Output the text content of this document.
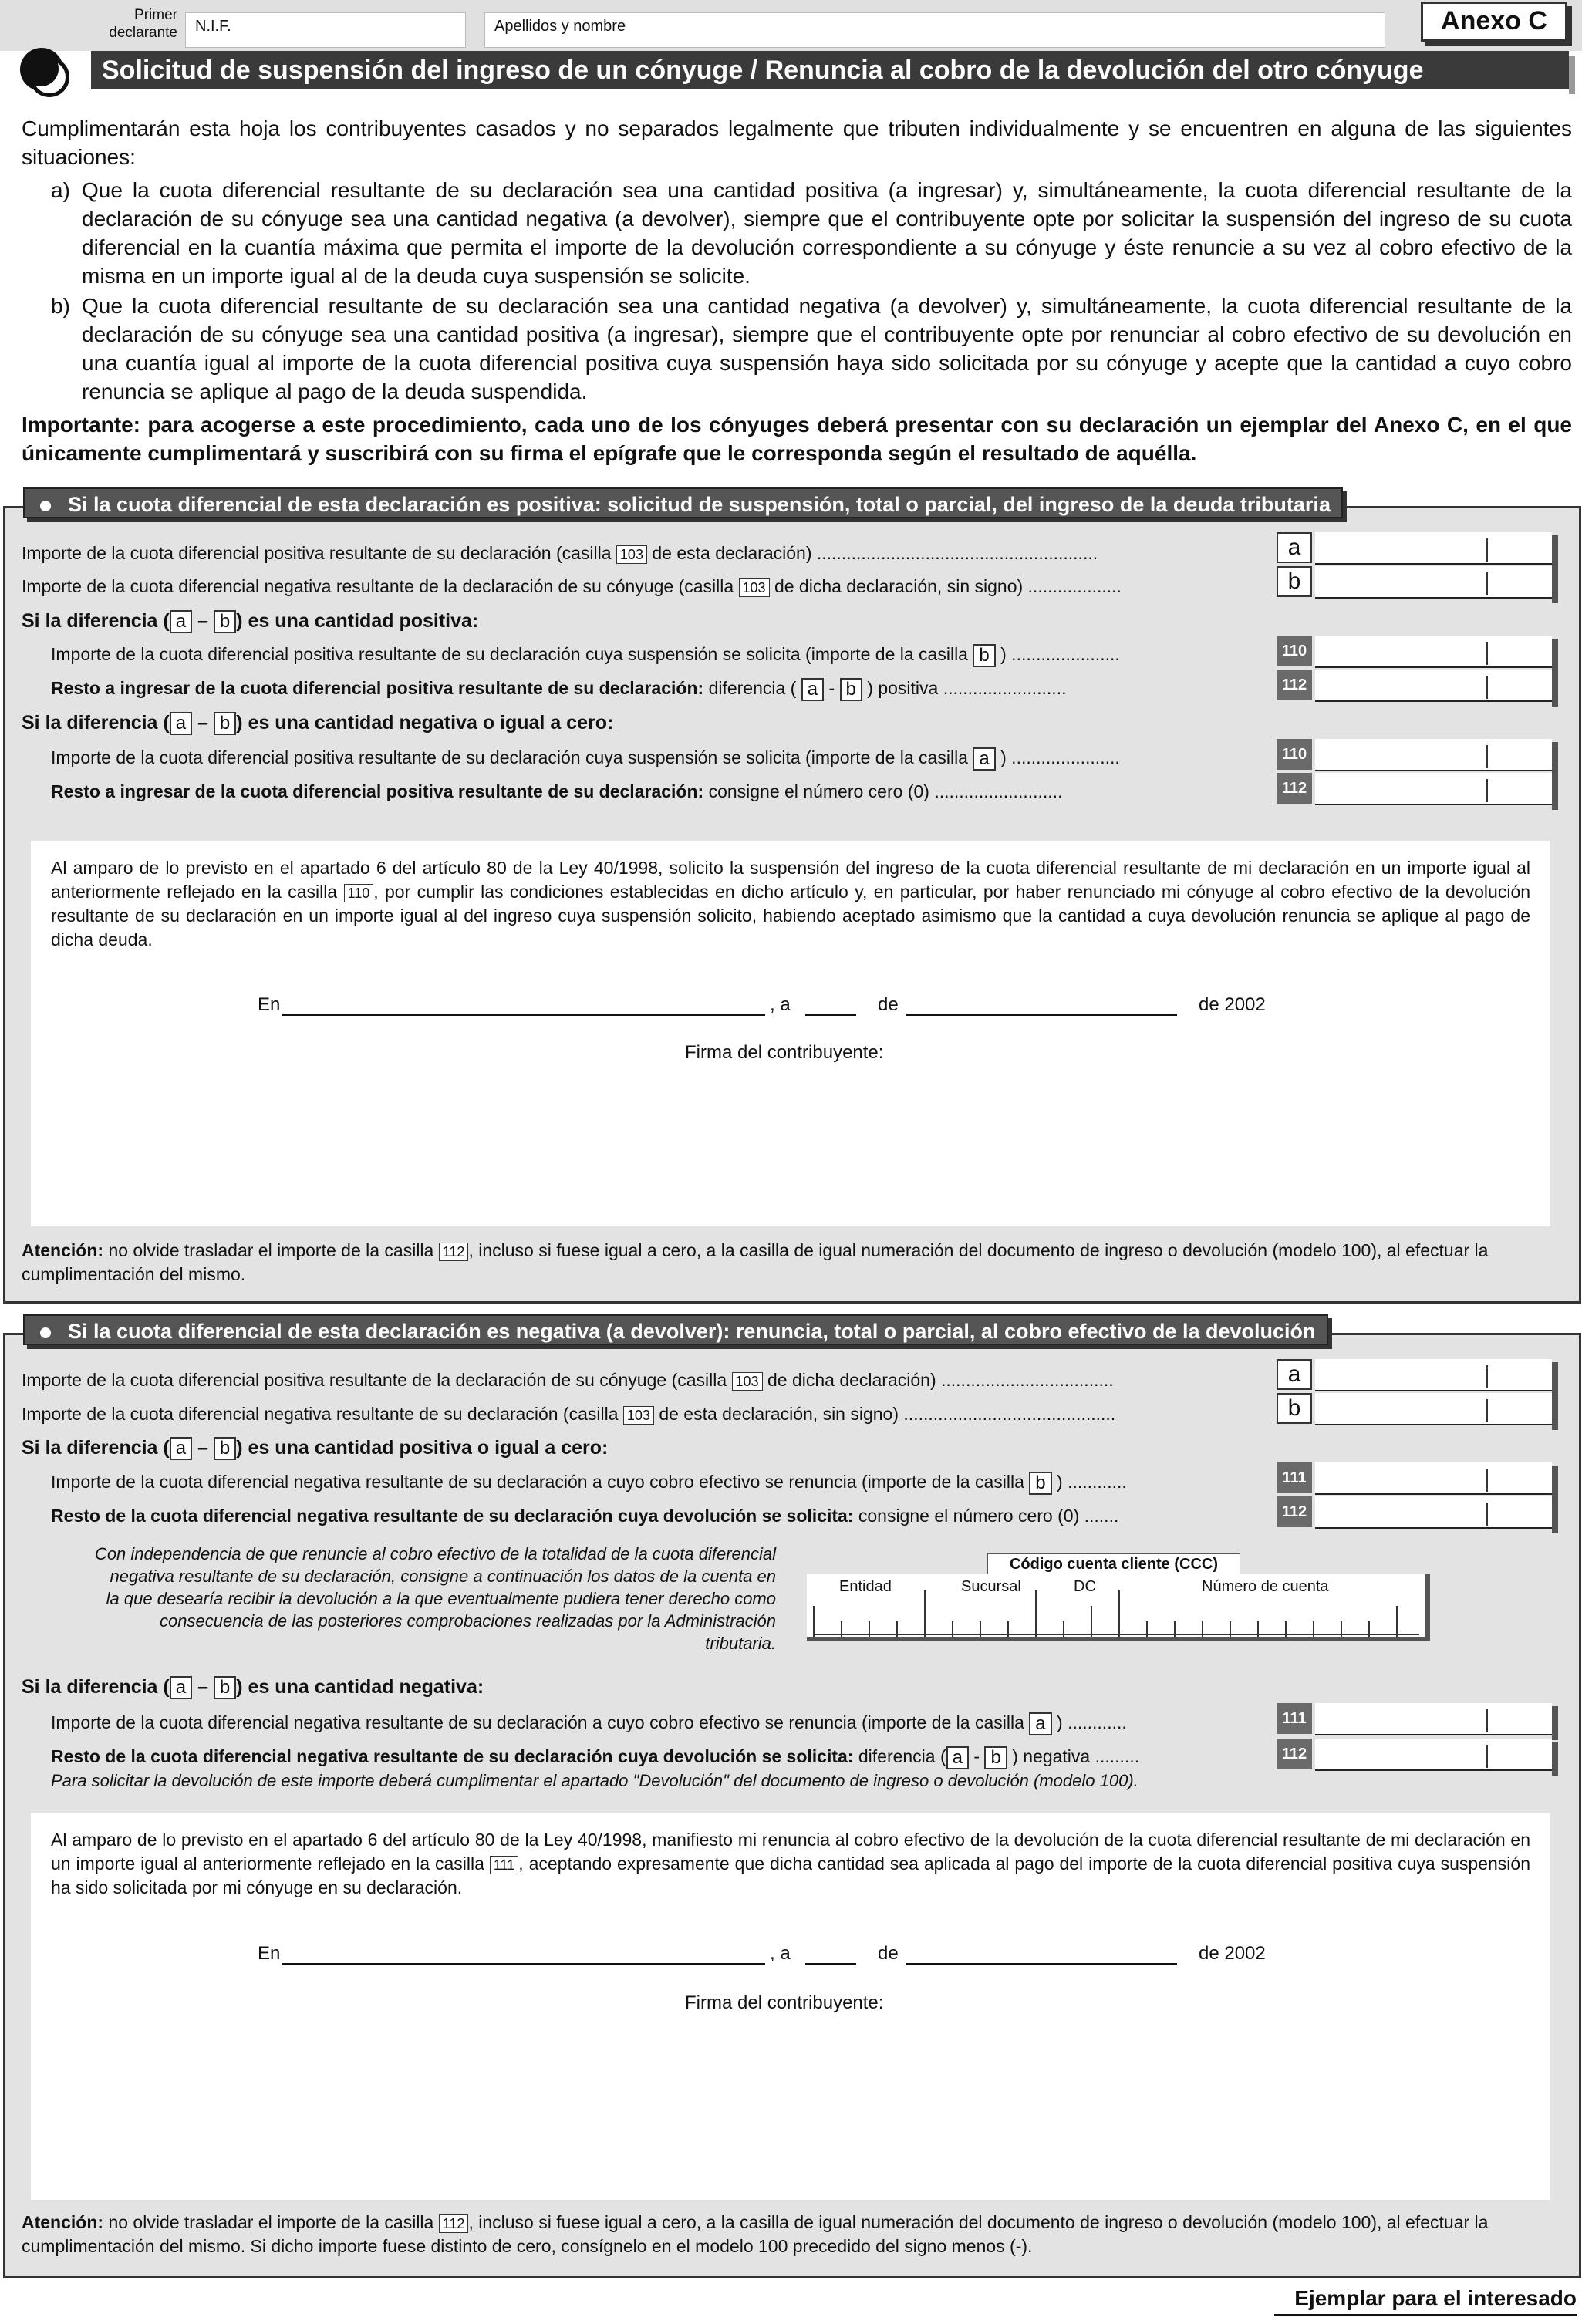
Primer declarante	N.I.F.	Apellidos y nombre	Anexo C
Solicitud de suspensión del ingreso de un cónyuge / Renuncia al cobro de la devolución del otro cónyuge
Cumplimentarán esta hoja los contribuyentes casados y no separados legalmente que tributen individualmente y se encuentren en alguna de las siguientes situaciones:
a) Que la cuota diferencial resultante de su declaración sea una cantidad positiva (a ingresar) y, simultáneamente, la cuota diferencial resultante de la declaración de su cónyuge sea una cantidad negativa (a devolver), siempre que el contribuyente opte por solicitar la suspensión del ingreso de su cuota diferencial en la cuantía máxima que permita el importe de la devolución correspondiente a su cónyuge y éste renuncie a su vez al cobro efectivo de la misma en un importe igual al de la deuda cuya suspensión se solicite.
b) Que la cuota diferencial resultante de su declaración sea una cantidad negativa (a devolver) y, simultáneamente, la cuota diferencial resultante de la declaración de su cónyuge sea una cantidad positiva (a ingresar), siempre que el contribuyente opte por renunciar al cobro efectivo de su devolución en una cuantía igual al importe de la cuota diferencial positiva cuya suspensión haya sido solicitada por su cónyuge y acepte que la cantidad a cuyo cobro renuncia se aplique al pago de la deuda suspendida.
Importante: para acogerse a este procedimiento, cada uno de los cónyuges deberá presentar con su declaración un ejemplar del Anexo C, en el que únicamente cumplimentará y suscribirá con su firma el epígrafe que le corresponda según el resultado de aquélla.
Si la cuota diferencial de esta declaración es positiva: solicitud de suspensión, total o parcial, del ingreso de la deuda tributaria
Importe de la cuota diferencial positiva resultante de su declaración (casilla 103 de esta declaración) .........................................................	a
Importe de la cuota diferencial negativa resultante de la declaración de su cónyuge (casilla 103 de dicha declaración, sin signo) ...................	b
Si la diferencia ( a – b ) es una cantidad positiva:
Importe de la cuota diferencial positiva resultante de su declaración cuya suspensión se solicita (importe de la casilla b ) ......................	110
Resto a ingresar de la cuota diferencial positiva resultante de su declaración: diferencia ( a - b ) positiva .........................	112
Si la diferencia ( a – b ) es una cantidad negativa o igual a cero:
Importe de la cuota diferencial positiva resultante de su declaración cuya suspensión se solicita (importe de la casilla a ) ......................	110
Resto a ingresar de la cuota diferencial positiva resultante de su declaración: consigne el número cero (0) ..........................	112
Al amparo de lo previsto en el apartado 6 del artículo 80 de la Ley 40/1998, solicito la suspensión del ingreso de la cuota diferencial resultante de mi declaración en un importe igual al anteriormente reflejado en la casilla 110 , por cumplir las condiciones establecidas en dicho artículo y, en particular, por haber renunciado mi cónyuge al cobro efectivo de la devolución resultante de su declaración en un importe igual al del ingreso cuya suspensión solicito, habiendo aceptado asimismo que la cantidad a cuya devolución renuncia se aplique al pago de dicha deuda.
En	, a	de	de 2002
Firma del contribuyente:
Atención: no olvide trasladar el importe de la casilla 112 , incluso si fuese igual a cero, a la casilla de igual numeración del documento de ingreso o devolución (modelo 100), al efectuar la cumplimentación del mismo.
Si la cuota diferencial de esta declaración es negativa (a devolver): renuncia, total o parcial, al cobro efectivo de la devolución
Importe de la cuota diferencial positiva resultante de la declaración de su cónyuge (casilla 103 de dicha declaración) ...................................	a
Importe de la cuota diferencial negativa resultante de su declaración (casilla 103 de esta declaración, sin signo) ...........................................	b
Si la diferencia ( a – b ) es una cantidad positiva o igual a cero:
Importe de la cuota diferencial negativa resultante de su declaración a cuyo cobro efectivo se renuncia (importe de la casilla b ) ............	111
Resto de la cuota diferencial negativa resultante de su declaración cuya devolución se solicita: consigne el número cero (0) .......	112
Con independencia de que renuncie al cobro efectivo de la totalidad de la cuota diferencial negativa resultante de su declaración, consigne a continuación los datos de la cuenta en la que desearía recibir la devolución a la que eventualmente pudiera tener derecho como consecuencia de las posteriores comprobaciones realizadas por la Administración tributaria.
Código cuenta cliente (CCC)
Entidad	Sucursal	DC	Número de cuenta
Si la diferencia ( a – b ) es una cantidad negativa:
Importe de la cuota diferencial negativa resultante de su declaración a cuyo cobro efectivo se renuncia (importe de la casilla a ) ............	111
Resto de la cuota diferencial negativa resultante de su declaración cuya devolución se solicita: diferencia ( a - b ) negativa .........	112
Para solicitar la devolución de este importe deberá cumplimentar el apartado "Devolución" del documento de ingreso o devolución (modelo 100).
Al amparo de lo previsto en el apartado 6 del artículo 80 de la Ley 40/1998, manifiesto mi renuncia al cobro efectivo de la devolución de la cuota diferencial resultante de mi declaración en un importe igual al anteriormente reflejado en la casilla 111 , aceptando expresamente que dicha cantidad sea aplicada al pago del importe de la cuota diferencial positiva cuya suspensión ha sido solicitada por mi cónyuge en su declaración.
En	, a	de	de 2002
Firma del contribuyente:
Atención: no olvide trasladar el importe de la casilla 112 , incluso si fuese igual a cero, a la casilla de igual numeración del documento de ingreso o devolución (modelo 100), al efectuar la cumplimentación del mismo. Si dicho importe fuese distinto de cero, consígnelo en el modelo 100 precedido del signo menos (-).
Ejemplar para el interesado
